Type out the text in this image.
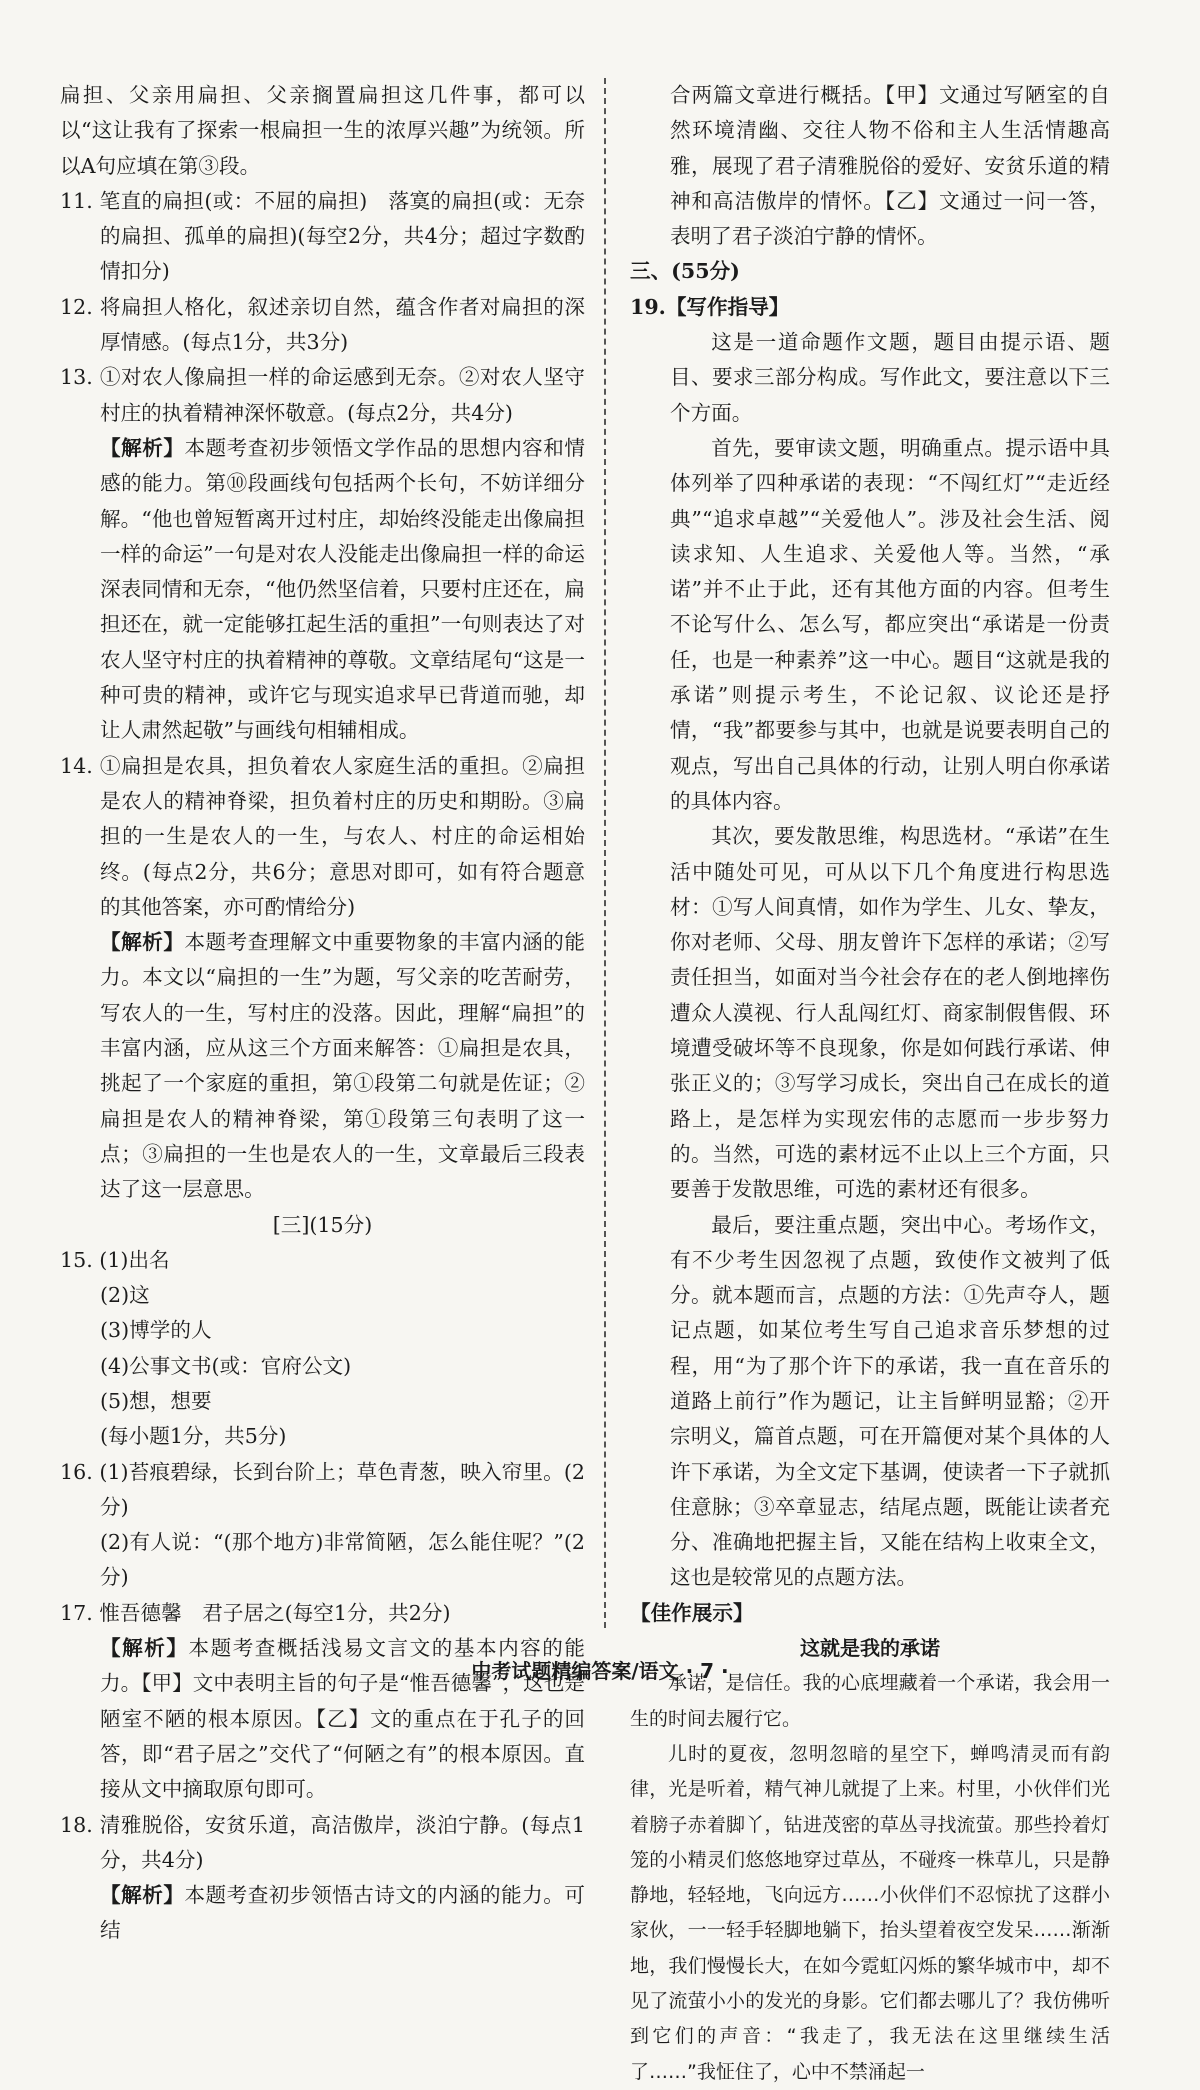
扁担、父亲用扁担、父亲搁置扁担这几件事，都可以以“这让我有了探索一根扁担一生的浓厚兴趣”为统领。所以A句应填在第③段。

11. 笔直的扁担(或：不屈的扁担)　落寞的扁担(或：无奈的扁担、孤单的扁担)(每空2分，共4分；超过字数酌情扣分)

12. 将扁担人格化，叙述亲切自然，蕴含作者对扁担的深厚情感。(每点1分，共3分)

13. ①对农人像扁担一样的命运感到无奈。②对农人坚守村庄的执着精神深怀敬意。(每点2分，共4分)

【解析】本题考查初步领悟文学作品的思想内容和情感的能力。第⑩段画线句包括两个长句，不妨详细分解。“他也曾短暂离开过村庄，却始终没能走出像扁担一样的命运”一句是对农人没能走出像扁担一样的命运深表同情和无奈，“他仍然坚信着，只要村庄还在，扁担还在，就一定能够扛起生活的重担”一句则表达了对农人坚守村庄的执着精神的尊敬。文章结尾句“这是一种可贵的精神，或许它与现实追求早已背道而驰，却让人肃然起敬”与画线句相辅相成。

14. ①扁担是农具，担负着农人家庭生活的重担。②扁担是农人的精神脊梁，担负着村庄的历史和期盼。③扁担的一生是农人的一生，与农人、村庄的命运相始终。(每点2分，共6分；意思对即可，如有符合题意的其他答案，亦可酌情给分)

【解析】本题考查理解文中重要物象的丰富内涵的能力。本文以“扁担的一生”为题，写父亲的吃苦耐劳，写农人的一生，写村庄的没落。因此，理解“扁担”的丰富内涵，应从这三个方面来解答：①扁担是农具，挑起了一个家庭的重担，第①段第二句就是佐证；②扁担是农人的精神脊梁，第①段第三句表明了这一点；③扁担的一生也是农人的一生，文章最后三段表达了这一层意思。

[三](15分)

15. (1)出名

(2)这

(3)博学的人

(4)公事文书(或：官府公文)

(5)想，想要

(每小题1分，共5分)

16. (1)苔痕碧绿，长到台阶上；草色青葱，映入帘里。(2分)

(2)有人说：“(那个地方)非常简陋，怎么能住呢？”(2分)

17. 惟吾德馨　君子居之(每空1分，共2分)

【解析】本题考查概括浅易文言文的基本内容的能力。【甲】文中表明主旨的句子是“惟吾德馨”，这也是陋室不陋的根本原因。【乙】文的重点在于孔子的回答，即“君子居之”交代了“何陋之有”的根本原因。直接从文中摘取原句即可。

18. 清雅脱俗，安贫乐道，高洁傲岸，淡泊宁静。(每点1分，共4分)

【解析】本题考查初步领悟古诗文的内涵的能力。可结

合两篇文章进行概括。【甲】文通过写陋室的自然环境清幽、交往人物不俗和主人生活情趣高雅，展现了君子清雅脱俗的爱好、安贫乐道的精神和高洁傲岸的情怀。【乙】文通过一问一答，表明了君子淡泊宁静的情怀。

三、(55分)

19.【写作指导】

这是一道命题作文题，题目由提示语、题目、要求三部分构成。写作此文，要注意以下三个方面。

首先，要审读文题，明确重点。提示语中具体列举了四种承诺的表现：“不闯红灯”“走近经典”“追求卓越”“关爱他人”。涉及社会生活、阅读求知、人生追求、关爱他人等。当然，“承诺”并不止于此，还有其他方面的内容。但考生不论写什么、怎么写，都应突出“承诺是一份责任，也是一种素养”这一中心。题目“这就是我的承诺”则提示考生，不论记叙、议论还是抒情，“我”都要参与其中，也就是说要表明自己的观点，写出自己具体的行动，让别人明白你承诺的具体内容。

其次，要发散思维，构思选材。“承诺”在生活中随处可见，可从以下几个角度进行构思选材：①写人间真情，如作为学生、儿女、挚友，你对老师、父母、朋友曾许下怎样的承诺；②写责任担当，如面对当今社会存在的老人倒地摔伤遭众人漠视、行人乱闯红灯、商家制假售假、环境遭受破坏等不良现象，你是如何践行承诺、伸张正义的；③写学习成长，突出自己在成长的道路上，是怎样为实现宏伟的志愿而一步步努力的。当然，可选的素材远不止以上三个方面，只要善于发散思维，可选的素材还有很多。

最后，要注重点题，突出中心。考场作文，有不少考生因忽视了点题，致使作文被判了低分。就本题而言，点题的方法：①先声夺人，题记点题，如某位考生写自己追求音乐梦想的过程，用“为了那个许下的承诺，我一直在音乐的道路上前行”作为题记，让主旨鲜明显豁；②开宗明义，篇首点题，可在开篇便对某个具体的人许下承诺，为全文定下基调，使读者一下子就抓住意脉；③卒章显志，结尾点题，既能让读者充分、准确地把握主旨，又能在结构上收束全文，这也是较常见的点题方法。

【佳作展示】

这就是我的承诺

承诺，是信任。我的心底埋藏着一个承诺，我会用一生的时间去履行它。

儿时的夏夜，忽明忽暗的星空下，蝉鸣清灵而有韵律，光是听着，精气神儿就提了上来。村里，小伙伴们光着膀子赤着脚丫，钻进茂密的草丛寻找流萤。那些拎着灯笼的小精灵们悠悠地穿过草丛，不碰疼一株草儿，只是静静地，轻轻地，飞向远方……小伙伴们不忍惊扰了这群小家伙，一一轻手轻脚地躺下，抬头望着夜空发呆……渐渐地，我们慢慢长大，在如今霓虹闪烁的繁华城市中，却不见了流萤小小的发光的身影。它们都去哪儿了？我仿佛听到它们的声音：“我走了，我无法在这里继续生活了……”我怔住了，心中不禁涌起一

中考试题精编答案/语文 · 7 ·
